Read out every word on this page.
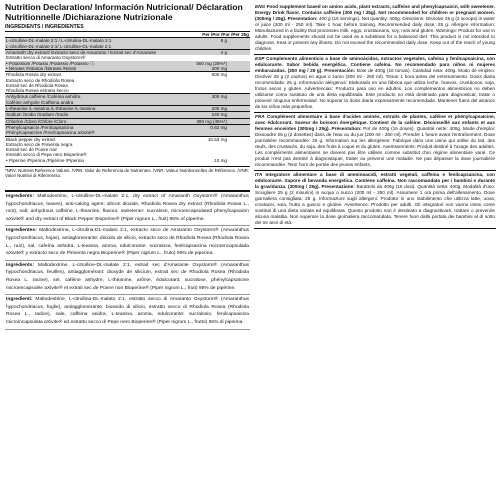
Nutrition Declaration/ Información Nutricional/ Déclaration Nutritionnelle /Dichiarazione Nutrizionale
INGREDIENTS / INGREDIENTES
	Per /Por /Par /Per 25g	
L-citrulline-DL-malate 2:1 / L-citrulina-DL-malato 2:1	8 g	
L-citrulline-DL-malate 2:1/ L-citrulline-DL-malate 2:1		
Amaranth dry extract/ Extracto seco de Amaranto / Extrait sec d'Amarante	4 g	
Estratto secco di Amaranto Oxystorm®		
• Potassium /Potasio /Potassio /Potassio ⓘ	560 mg (28%*)	
• Nitrates /Nitratos /Nitrates /Nitrati	300 mg	
Rhodiola Rosea dry extract	600 mg	
Extracto seco de Rhodiola Rosea		
Extrait sec de Rhodiola Rosea		
Rhodiola Rosea estratto secco		
Anhydrous caffeine /Cafeína anhidra	300 mg	
Caféine anhydre /Caffeina anidra		
L-theanine /L-teanina /L-théanine /L-teanina	200 mg	
Sodium /Sodio /Sodium /Sodio	240 mg	
Chlorine /Cloro /Chlore /Cloro	360 mg (45%*)	
Phenylcapsaicin /Fenilcapsaicina	0.62 mg	
Phénylcapsaïcine /Fenilcapsaicina aXivite®		
Black pepper dry extract	10.53 mg	
Extracto seco de Pimienta negra		
Extrait sec de Poivre noir		
Estratto secco di Pepe nero Bioperine®		
• Piperine /Piperina /Pipérine /Piperina	10 mg	
*NRV: Nutrient Reference Values. /VRN: Valor de Referencia de Nutrientes. /VNR: Valeur Nutritionnelles de Référence. /VNR: Valori Nutritivi di Riferimento.
Ingredients: Maltodextrine, L-citrulline-DL-malate 2:1, dry extract of Amaranth Oxystorm® (Amaranthus hypochondriacus, leaves), anti-caking agent: silicon dioxide, Rhodiola Rosea dry extract (Rhodiola Rosea L., root), salt, anhydrous caffeine, L-theanine, flavour, sweetener: sucralose, microencapsulated phenylcapsaicin aXivite® and dry extract of Black Pepper Bioperine® (Piper nigrum L., fruit) 95% of piperine.
Ingredientes: Maltodextrina, L-citrulina-DL-malato 2:1, extracto seco de Amaranto Oxystorm® (Amaranthus hypochondriacus, hojas), antiaglomerante: dióxido de silicio, extracto seco de Rhodiola Rosea (Rhodiola Rosea L., raíz), sal, cafeína anhidra, L-teanina, aroma, edulcorante: sucralosa, fenilcapsaicina microencapsulada aXivite® y extracto seco de Pimienta negra Bioperine® (Piper nigrum L., fruto) 95% de piperina.
Ingrédients: Maltodextrine, L-citrulline-DL-malate 2:1, extrait sec d'Amarante Oxystorm® (Amaranthus hypochondriacus, feuilles), antiagglomérant: dioxyde de silicium, extrait sec de Rhodiola Rosea (Rhodiola Rosea L. racine), sel, caféine anhydre, L-théanine, arôme, édulcorant: sucralose, phénylcapsaïcine microencapsulée aXivite® et extrait sec de Poivre noir Bioperine® (Piper nigrum L., fruit) 95% de pipérine.
Ingredienti: Maltodestrine, L-citrullina-DL-malato 2:1, estratto secco di Amaranto Oxystorm® (Amaranthus hypochondriacus, foglie), antiagglomerante: biossido di silicio, estratto secco di Rhodiola Rosea (Rhodiola Rosea L., radice), sale, caffeina anidra, L-teanina, aroma, edulcorante: sucralosio, fenilcapsaicina microincapsulata aXivite® ed estratto secco di Pepe nero Bioperine® (Piper nigrum L., frutto) 95% di piperina.
ENG Food supplement based on amino acids, plant extracts, caffeine and phenylcapsaicin, with sweetener. Energy Drink flavor. Contains caffeine (300 mg / 25g). Not recommended for children or pregnant women. (300mg / 25g). Presentation: 400 g (16 servings). Net quantity: 400g. Directions: Dissolve 25 g (2 scoops) in water or juice (200 ml - 250 ml). Take 1 hour before training. Recommended daily dose: 25 g. Allergen information: Manufactured in a facility that processes milk, eggs, crustaceans, soy, nuts and gluten. Warnings: Product for use in adults. Food supplements should not be used as a substitute for a balanced diet. This product is not intended to diagnose, treat or prevent any illness. Do not exceed the recommended daily dose. Keep out of the reach of young children.
ESP Complemento alimenticio a base de aminoácidos, extractos vegetales, cafeína y fenilcapsaicina, con edulcorante. Sabor bebida energética. Contiene cafeína. No recomendado para niños ni mujeres embarazadas. (300 mg / 25 g). Presentación: Bote de 400g (16 tomas). Cantidad neta: 400g. Modo de empleo: Disolver 25 g (2 cacitos) en agua o zumo (200 ml - 250 ml). Tomar 1 hora antes del entrenamiento. Dosis diaria recomendada: 25 g. Información alérgenos: Elaborado en una fábrica que utiliza leche, huevos, crustáceos, soja, frutos secos y gluten. Advertencias: Producto para uso en adultos. Los complementos alimenticios no deben utilizarse como sustituto de una dieta equilibrada. Este producto no está destinado para diagnosticar, tratar o prevenir ninguna enfermedad. No superar la dosis diaria expresamente recomendada. Mantener fuera del alcance de los niños más pequeños.
FRA Complément alimentaire à base d'acides aminés, extraits de plantes, caféine et phénylcapsaïcine, avec édulcorant. Saveur de boisson énergétique. Contient de la caféine. Déconseillé aux enfants et aux femmes enceintes (300mg / 25g). Présentation: Pot de 400g (16 doses). Quantité nette: 400g. Mode d'emploi: Dissoudre 25 g (2 dosettes) dans de l'eau ou du jus (200 ml - 250 ml). Prendre 1 heure avant l'entraînement. Dose journalière recommandée: 25 g. Information sur les allergènes: Fabriqué dans une usine qui utilise du lait, des œufs, des crustacés, du soja, des fruits à coque et du gluten. Avertissements: Produit destiné à l'usage des adultes. Les compléments alimentaires ne doivent pas être utilisés comme substitut d'un régime alimentaire varié. Ce produit n'est pas destiné à diagnostiquer, traiter ou prévenir une maladie. Ne pas dépasser la dose journalière recommandée. Tenir hors de portée des jeunes enfants.
ITA Integratore alimentare a base di amminoacidi, estratti vegetali, caffeina e fenilcapsaicina, con edulcorante. Sapore di bevanda energetica. Contiene caffeina. Non raccomandato per i bambini e durante la gravidanza. (300mg / 25g). Presentazione: Barattolo da 400g (16 dosi). Quantità netta: 400g. Modalità d'uso: Sciogliere 25 g (2 misurini) in acqua o succo (200 ml - 250 ml). Assumere 1 ora prima dell'allenamento. Dose giornaliera consigliata: 25 g. Informazioni sugli allergeni: Prodotto in uno stabilimento che utilizza latte, uova, crostacei, soia, frutta a guscio e glutine. Avvertenze: Prodotto per adulti. Gli integratori non vanno intesi come sostituti di una dieta variata ed equilibrata. Questo prodotto non è destinato a diagnosticare, trattare o prevenire alcuna malattia. Non superare la dose giornaliera raccomandata. Tenere fuori dalla portata dei bambini al di sotto dei tre anni di età.
